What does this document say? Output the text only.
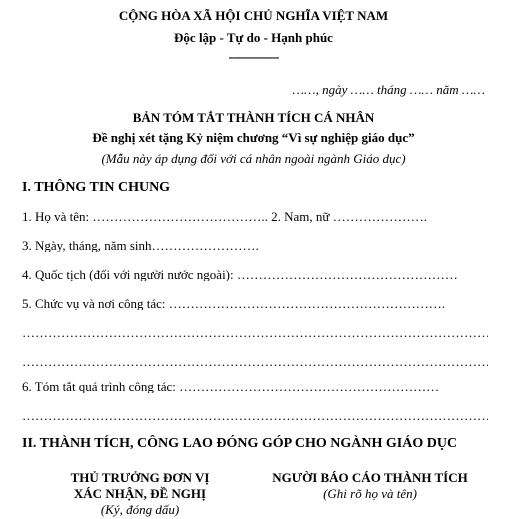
CỘNG HÒA XÃ HỘI CHỦ NGHĨA VIỆT NAM
Độc lập - Tự do - Hạnh phúc
---------------
……, ngày …… tháng …… năm ……
BẢN TÓM TẮT THÀNH TÍCH CÁ NHÂN
Đề nghị xét tặng Kỷ niệm chương “Vì sự nghiệp giáo dục”
(Mẫu này áp dụng đối với cá nhân ngoài ngành Giáo dục)
I. THÔNG TIN CHUNG
1. Họ và tên: ………………………………….. 2. Nam, nữ ………………….
3. Ngày, tháng, năm sinh…………………….
4. Quốc tịch (đối với người nước ngoài): ……………………………………………
5. Chức vụ và nơi công tác: ……………………………………………………….
…………………………………………………………………………………………………
…………………………………………………………………………………………………
6. Tóm tắt quá trình công tác: ……………………………………………………
…………………………………………………………………………………………………
II. THÀNH TÍCH, CÔNG LAO ĐÓNG GÓP CHO NGÀNH GIÁO DỤC
THỦ TRƯỞNG ĐƠN VỊ
XÁC NHẬN, ĐỀ NGHỊ
(Ký, đóng dấu)
NGƯỜI BÁO CÁO THÀNH TÍCH
(Ghi rõ họ và tên)
